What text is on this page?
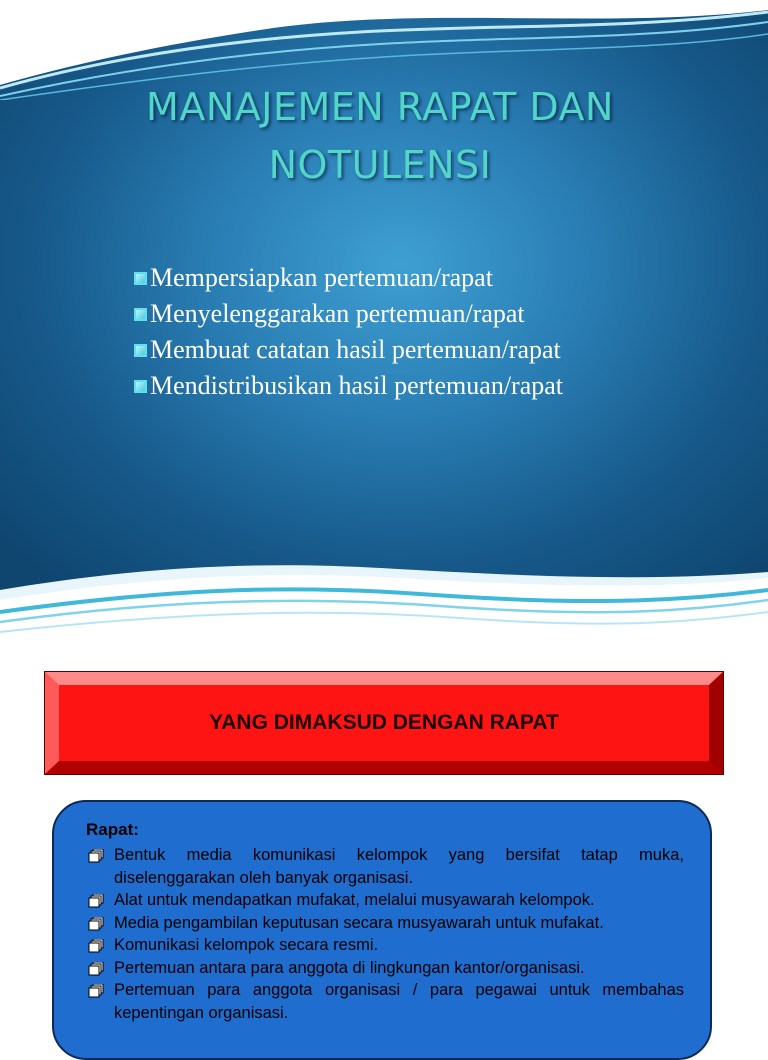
MANAJEMEN RAPAT DAN
NOTULENSI
Mempersiapkan pertemuan/rapat
Menyelenggarakan pertemuan/rapat
Membuat catatan hasil pertemuan/rapat
Mendistribusikan hasil pertemuan/rapat
YANG DIMAKSUD DENGAN RAPAT
Rapat:
Bentuk media komunikasi kelompok yang bersifat tatap muka, diselenggarakan oleh banyak organisasi.
Alat untuk mendapatkan mufakat, melalui musyawarah kelompok.
Media pengambilan keputusan secara musyawarah untuk mufakat.
Komunikasi kelompok secara resmi.
Pertemuan antara para anggota di lingkungan kantor/organisasi.
Pertemuan para anggota organisasi / para pegawai untuk membahas kepentingan organisasi.
